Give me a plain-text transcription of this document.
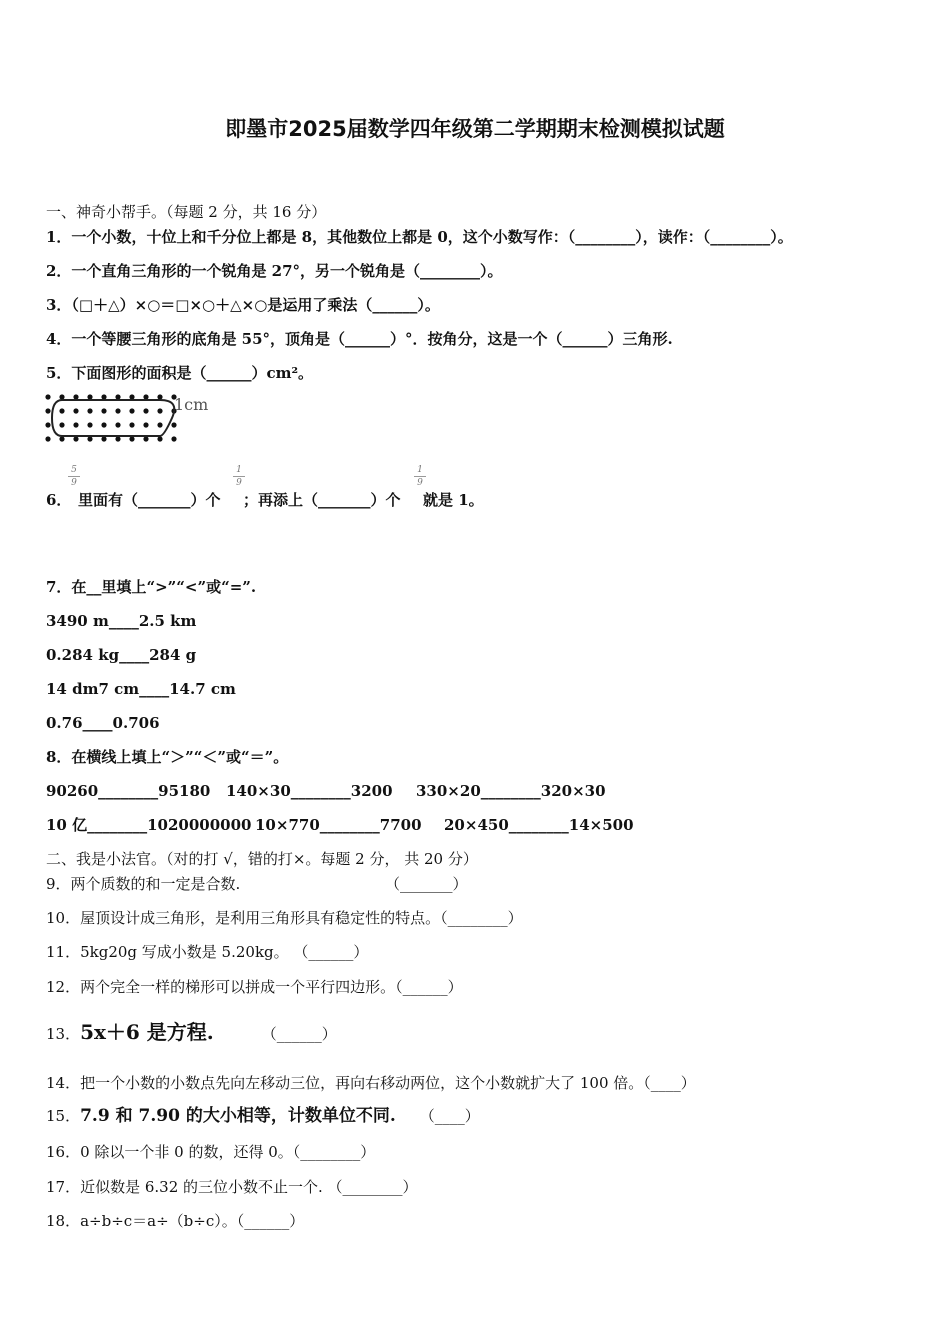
即墨市2025届数学四年级第二学期期末检测模拟试题
一、神奇小帮手。（每题 2 分，共 16 分）
1．一个小数，十位上和千分位上都是 8，其他数位上都是 0，这个小数写作：（________），读作：（________）。
2．一个直角三角形的一个锐角是 27°，另一个锐角是（________）。
3．（□＋△）×○＝□×○＋△×○是运用了乘法（______）。
4．一个等腰三角形的底角是 55°，顶角是（______）°．按角分，这是一个（______）三角形.
5．下面图形的面积是（______）cm²。
1cm
5
9
1
9
1
9
6． 里面有（_______）个 ；再添上（_______）个 就是 1。
7．在__里填上“>”“<”或“=”.
3490 m____2.5 km
0.284 kg____284 g
14 dm7 cm____14.7 cm
0.76____0.706
8．在横线上填上“＞”“＜”或“＝”。
90260________95180 140×30________3200 330×20________320×30
10 亿________1020000000 10×770________7700 20×450________14×500
二、我是小法官。（对的打 √，错的打×。每题 2 分， 共 20 分）
9．两个质数的和一定是合数.	（_______）
10．屋顶设计成三角形，是利用三角形具有稳定性的特点。（________）
11．5kg20g 写成小数是 5.20kg。 （______）
12．两个完全一样的梯形可以拼成一个平行四边形。（______）
13．5x＋6 是方程.	（______）
14．把一个小数的小数点先向左移动三位，再向右移动两位，这个小数就扩大了 100 倍。（____）
15．7.9 和 7.90 的大小相等，计数单位不同. （____）
16．0 除以一个非 0 的数，还得 0。（________）
17．近似数是 6.32 的三位小数不止一个. （________）
18．a÷b÷c＝a÷（b÷c）。（______）
